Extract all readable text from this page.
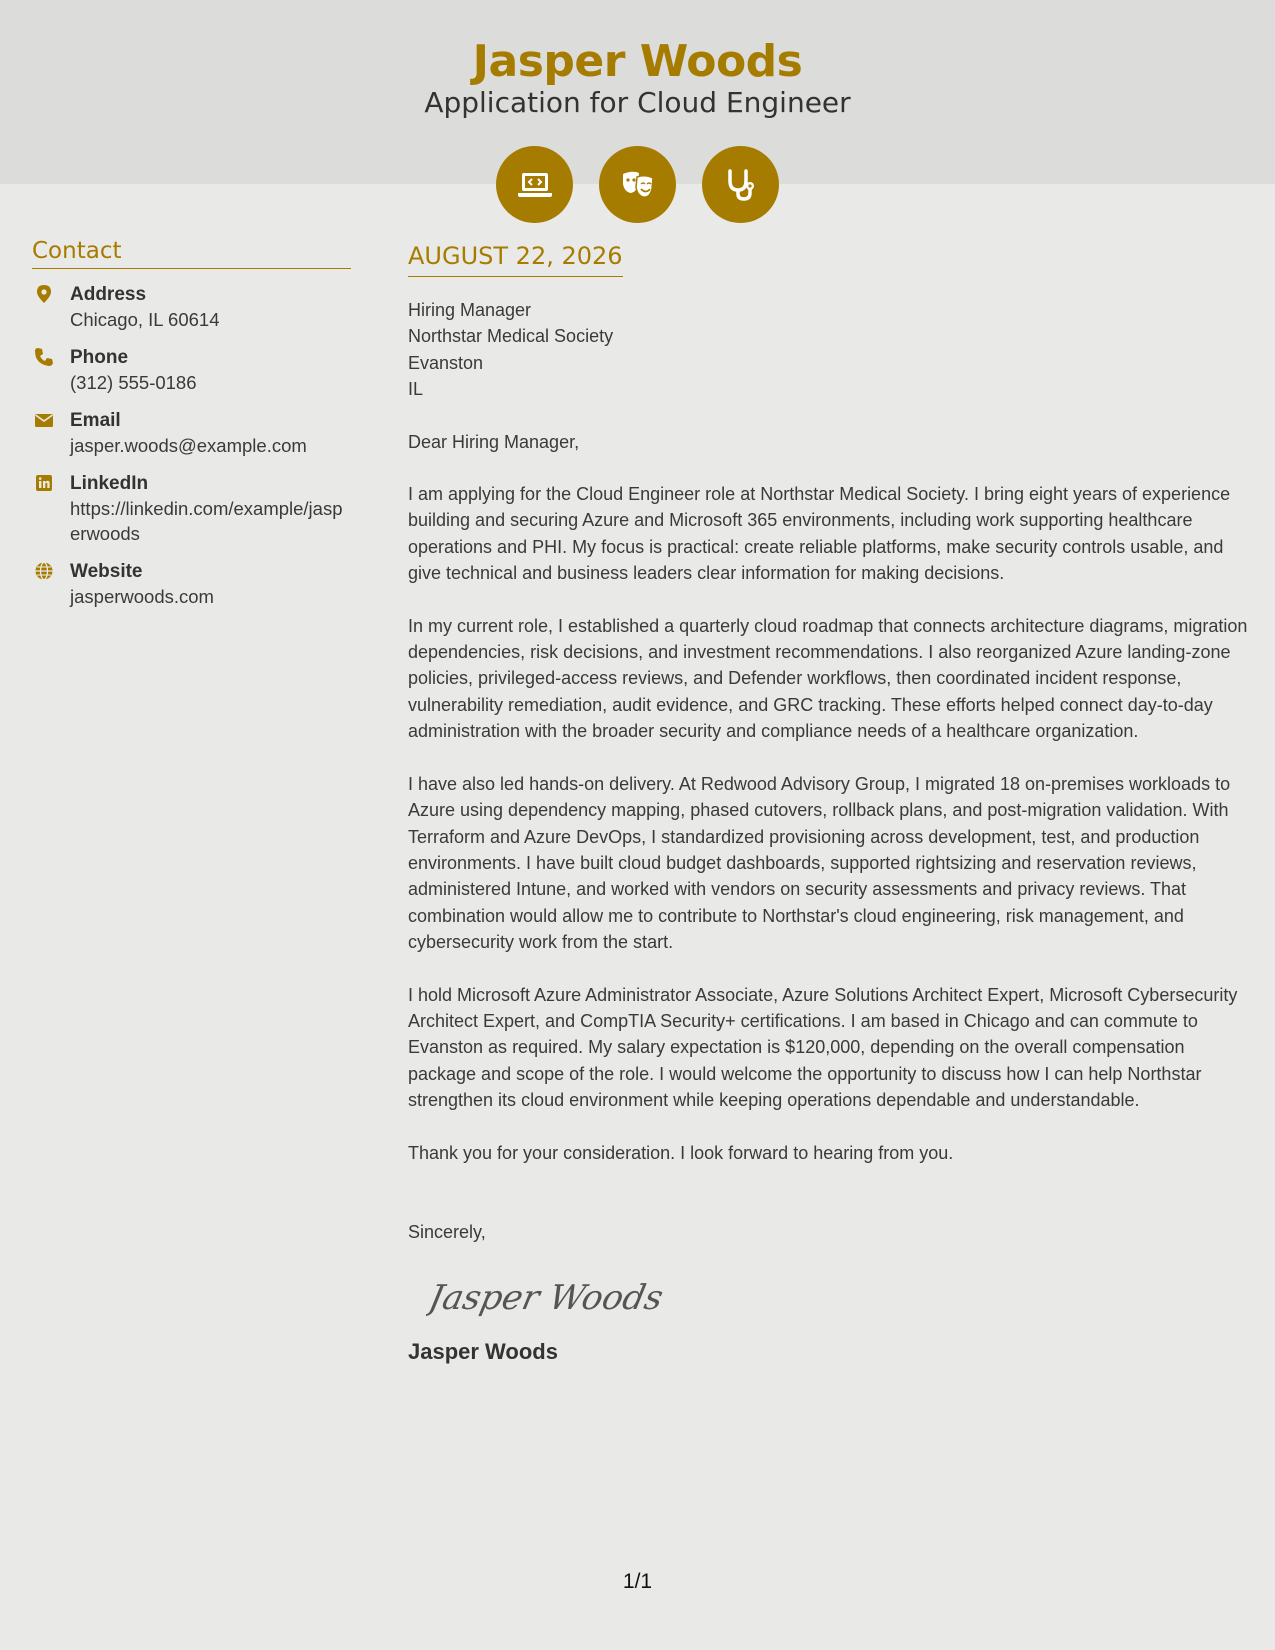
Jasper Woods
Application for Cloud Engineer
Contact
Address
Chicago, IL 60614
Phone
(312) 555-0186
Email
jasper.woods@example.com
LinkedIn
https://linkedin.com/example/jasperwoods
Website
jasperwoods.com
AUGUST 22, 2026
Hiring Manager
Northstar Medical Society
Evanston
IL
Dear Hiring Manager,

I am applying for the Cloud Engineer role at Northstar Medical Society. I bring eight years of experience building and securing Azure and Microsoft 365 environments, including work supporting healthcare operations and PHI. My focus is practical: create reliable platforms, make security controls usable, and give technical and business leaders clear information for making decisions.

In my current role, I established a quarterly cloud roadmap that connects architecture diagrams, migration dependencies, risk decisions, and investment recommendations. I also reorganized Azure landing-zone policies, privileged-access reviews, and Defender workflows, then coordinated incident response, vulnerability remediation, audit evidence, and GRC tracking. These efforts helped connect day-to-day administration with the broader security and compliance needs of a healthcare organization.

I have also led hands-on delivery. At Redwood Advisory Group, I migrated 18 on-premises workloads to Azure using dependency mapping, phased cutovers, rollback plans, and post-migration validation. With Terraform and Azure DevOps, I standardized provisioning across development, test, and production environments. I have built cloud budget dashboards, supported rightsizing and reservation reviews, administered Intune, and worked with vendors on security assessments and privacy reviews. That combination would allow me to contribute to Northstar's cloud engineering, risk management, and cybersecurity work from the start.

I hold Microsoft Azure Administrator Associate, Azure Solutions Architect Expert, Microsoft Cybersecurity Architect Expert, and CompTIA Security+ certifications. I am based in Chicago and can commute to Evanston as required. My salary expectation is $120,000, depending on the overall compensation package and scope of the role. I would welcome the opportunity to discuss how I can help Northstar strengthen its cloud environment while keeping operations dependable and understandable.

Thank you for your consideration. I look forward to hearing from you.

Sincerely,
Jasper Woods
Jasper Woods
1/1
